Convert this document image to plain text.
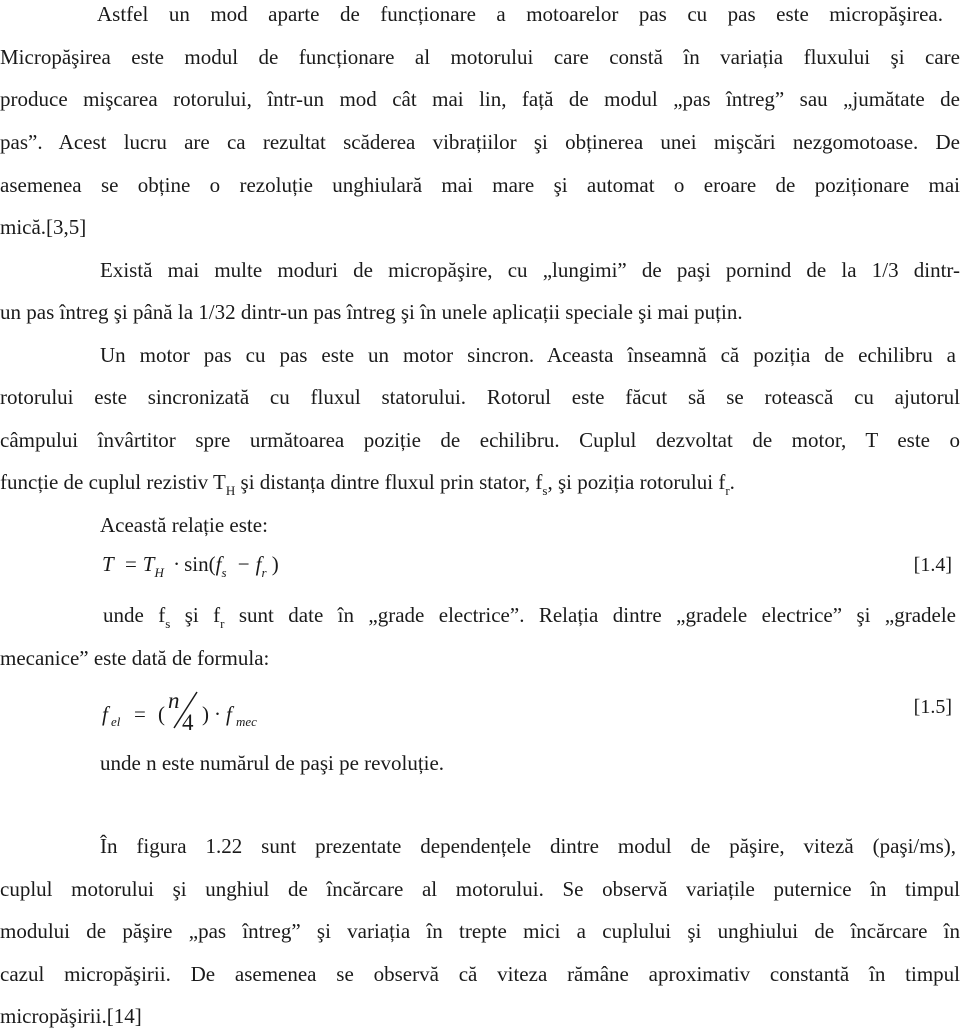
Astfel un mod aparte de funcționare a motoarelor pas cu pas este micropăşirea.
Micropăşirea este modul de funcționare al motorului care constă în variația fluxului şi care
produce mişcarea rotorului, într-un mod cât mai lin, față de modul „pas întreg” sau „jumătate de
pas”. Acest lucru are ca rezultat scăderea vibrațiilor şi obținerea unei mişcări nezgomotoase. De
asemenea se obține o rezoluție unghiulară mai mare şi automat o eroare de poziționare mai
mică.[3,5]
Există mai multe moduri de micropăşire, cu „lungimi” de paşi pornind de la 1/3 dintr-
un pas întreg şi până la 1/32 dintr-un pas întreg şi în unele aplicații speciale şi mai puțin.
Un motor pas cu pas este un motor sincron. Aceasta înseamnă că poziția de echilibru a
rotorului este sincronizată cu fluxul statorului. Rotorul este făcut să se rotească cu ajutorul
câmpului învârtitor spre următoarea poziție de echilibru. Cuplul dezvoltat de motor, T este o
funcție de cuplul rezistiv $T_H$ şi distanța dintre fluxul prin stator, $f_s$, şi poziția rotorului $f_r$.
Această relație este:
$T = T_H \cdot \sin(f_s - f_r$ )	[1.4]
unde $f_s$ şi $f_r$ sunt date în „grade electrice”. Relația dintre „gradele electrice” şi „gradele
mecanice” este dată de formula:
f el = (
n
4 ) · f mec
[1.5]
unde n este numărul de paşi pe revoluție.
În figura 1.22 sunt prezentate dependențele dintre modul de păşire, viteză (paşi/ms),
cuplul motorului şi unghiul de încărcare al motorului. Se observă variațile puternice în timpul
modului de păşire „pas întreg” şi variația în trepte mici a cuplului şi unghiului de încărcare în
cazul micropăşirii. De asemenea se observă că viteza rămâne aproximativ constantă în timpul
micropăşirii.[14]
